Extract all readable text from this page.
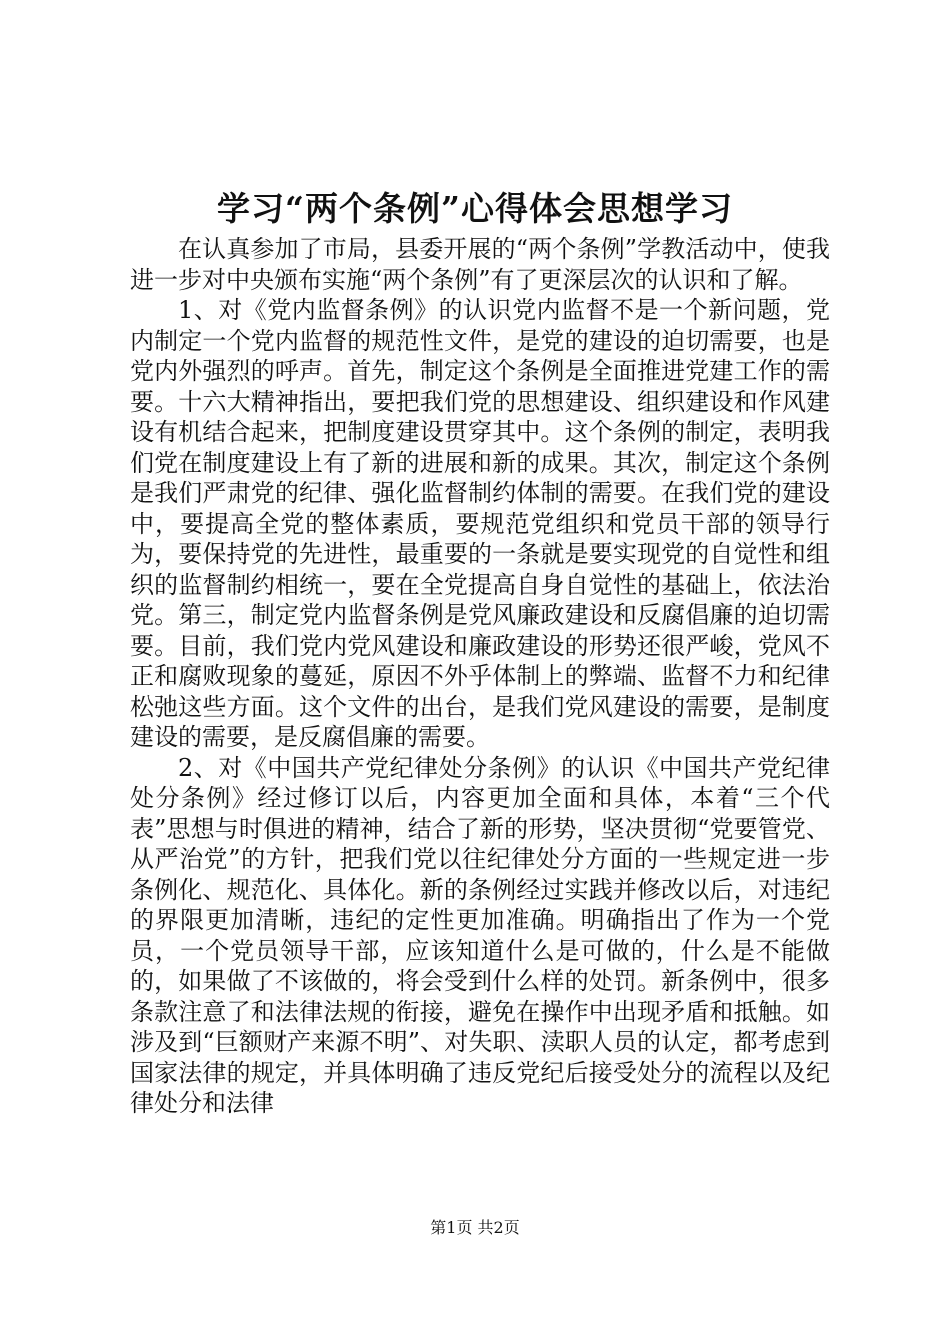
学习“两个条例”心得体会思想学习

在认真参加了市局，县委开展的“两个条例”学教活动中，使我进一步对中央颁布实施“两个条例”有了更深层次的认识和了解。

1、对《党内监督条例》的认识党内监督不是一个新问题，党内制定一个党内监督的规范性文件，是党的建设的迫切需要，也是党内外强烈的呼声。首先，制定这个条例是全面推进党建工作的需要。十六大精神指出，要把我们党的思想建设、组织建设和作风建设有机结合起来，把制度建设贯穿其中。这个条例的制定，表明我们党在制度建设上有了新的进展和新的成果。其次，制定这个条例是我们严肃党的纪律、强化监督制约体制的需要。在我们党的建设中，要提高全党的整体素质，要规范党组织和党员干部的领导行为，要保持党的先进性，最重要的一条就是要实现党的自觉性和组织的监督制约相统一，要在全党提高自身自觉性的基础上，依法治党。第三，制定党内监督条例是党风廉政建设和反腐倡廉的迫切需要。目前，我们党内党风建设和廉政建设的形势还很严峻，党风不正和腐败现象的蔓延，原因不外乎体制上的弊端、监督不力和纪律松弛这些方面。这个文件的出台，是我们党风建设的需要，是制度建设的需要，是反腐倡廉的需要。

2、对《中国共产党纪律处分条例》的认识《中国共产党纪律处分条例》经过修订以后，内容更加全面和具体，本着“三个代表”思想与时俱进的精神，结合了新的形势，坚决贯彻“党要管党、从严治党”的方针，把我们党以往纪律处分方面的一些规定进一步条例化、规范化、具体化。新的条例经过实践并修改以后，对违纪的界限更加清晰，违纪的定性更加准确。明确指出了作为一个党员，一个党员领导干部，应该知道什么是可做的，什么是不能做的，如果做了不该做的，将会受到什么样的处罚。新条例中，很多条款注意了和法律法规的衔接，避免在操作中出现矛盾和抵触。如涉及到“巨额财产来源不明”、对失职、渎职人员的认定，都考虑到国家法律的规定，并具体明确了违反党纪后接受处分的流程以及纪律处分和法律

第1页 共2页
